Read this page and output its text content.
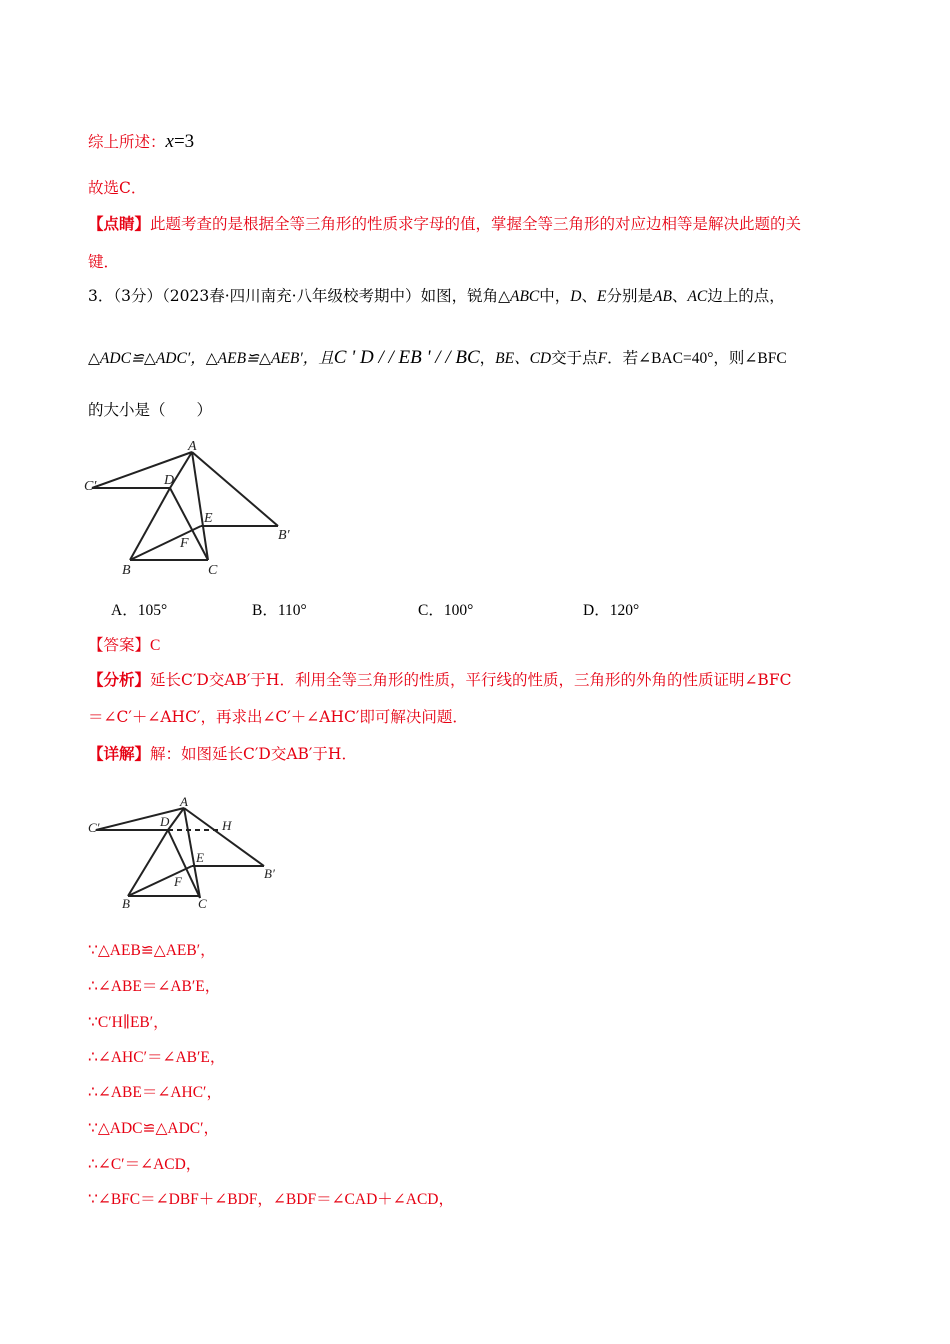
综上所述：x=3
故选C．
【点睛】此题考查的是根据全等三角形的性质求字母的值，掌握全等三角形的对应边相等是解决此题的关
键．
3．（3分）（2023春·四川南充·八年级校考期中）如图，锐角△ABC中，D、E分别是AB、AC边上的点，
△ADC≌△ADC′，△AEB≌△AEB′，且C ' D / / EB ' / / BC，BE、CD交于点F．若∠BAC=40°，则∠BFC
的大小是（　　）
A
C′	D
E
B′
F
B	C
A．105°	B．110°	C．100°	D．120°
【答案】C
【分析】延长C′D交AB′于H．利用全等三角形的性质，平行线的性质，三角形的外角的性质证明∠BFC
＝∠C′＋∠AHC′，再求出∠C′＋∠AHC′即可解决问题．
【详解】解：如图延长C′D交AB′于H．
A
C′	D	H
E
B′
F
B	C
∵△AEB≌△AEB′，
∴∠ABE＝∠AB′E，
∵C′H∥EB′，
∴∠AHC′＝∠AB′E，
∴∠ABE＝∠AHC′，
∵△ADC≌△ADC′，
∴∠C′＝∠ACD，
∵∠BFC＝∠DBF＋∠BDF，∠BDF＝∠CAD＋∠ACD，
